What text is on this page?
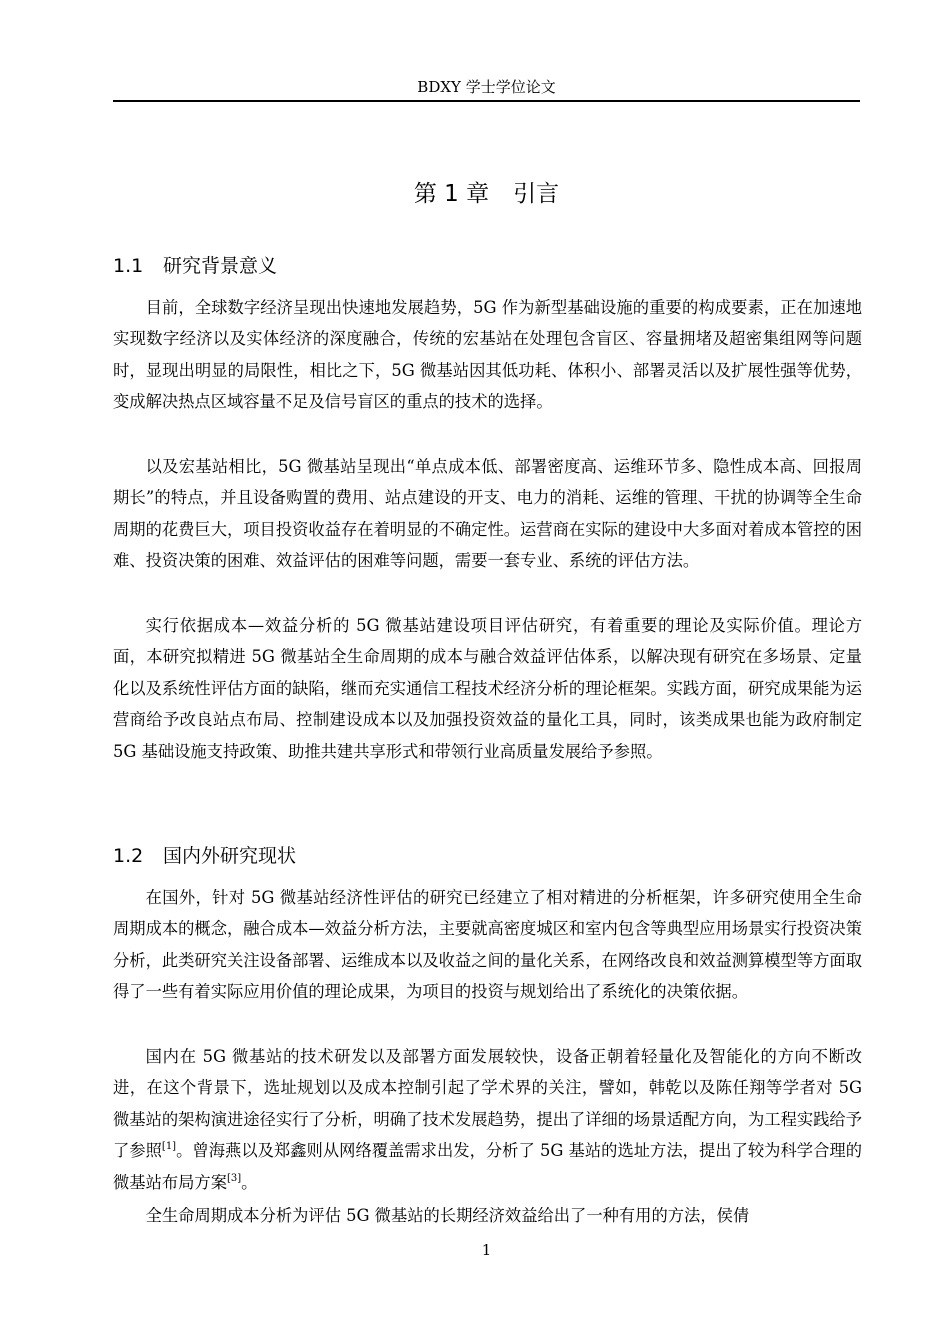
BDXY 学士学位论文
第 1 章 引言
1.1 研究背景意义

目前，全球数字经济呈现出快速地发展趋势，5G 作为新型基础设施的重要的构成要素，正在加速地实现数字经济以及实体经济的深度融合，传统的宏基站在处理包含盲区、容量拥堵及超密集组网等问题时，显现出明显的局限性，相比之下，5G 微基站因其低功耗、体积小、部署灵活以及扩展性强等优势，变成解决热点区域容量不足及信号盲区的重点的技术的选择。

以及宏基站相比，5G 微基站呈现出“单点成本低、部署密度高、运维环节多、隐性成本高、回报周期长”的特点，并且设备购置的费用、站点建设的开支、电力的消耗、运维的管理、干扰的协调等全生命周期的花费巨大，项目投资收益存在着明显的不确定性。运营商在实际的建设中大多面对着成本管控的困难、投资决策的困难、效益评估的困难等问题，需要一套专业、系统的评估方法。

实行依据成本—效益分析的 5G 微基站建设项目评估研究，有着重要的理论及实际价值。理论方面，本研究拟精进 5G 微基站全生命周期的成本与融合效益评估体系，以解决现有研究在多场景、定量化以及系统性评估方面的缺陷，继而充实通信工程技术经济分析的理论框架。实践方面，研究成果能为运营商给予改良站点布局、控制建设成本以及加强投资效益的量化工具，同时，该类成果也能为政府制定 5G 基础设施支持政策、助推共建共享形式和带领行业高质量发展给予参照。

1.2 国内外研究现状

在国外，针对 5G 微基站经济性评估的研究已经建立了相对精进的分析框架，许多研究使用全生命周期成本的概念，融合成本—效益分析方法，主要就高密度城区和室内包含等典型应用场景实行投资决策分析，此类研究关注设备部署、运维成本以及收益之间的量化关系，在网络改良和效益测算模型等方面取得了一些有着实际应用价值的理论成果，为项目的投资与规划给出了系统化的决策依据。

国内在 5G 微基站的技术研发以及部署方面发展较快，设备正朝着轻量化及智能化的方向不断改进，在这个背景下，选址规划以及成本控制引起了学术界的关注，譬如，韩乾以及陈任翔等学者对 5G 微基站的架构演进途径实行了分析，明确了技术发展趋势，提出了详细的场景适配方向，为工程实践给予了参照[1]。曾海燕以及郑鑫则从网络覆盖需求出发，分析了 5G 基站的选址方法，提出了较为科学合理的微基站布局方案[3]。

全生命周期成本分析为评估 5G 微基站的长期经济效益给出了一种有用的方法，侯倩

1
